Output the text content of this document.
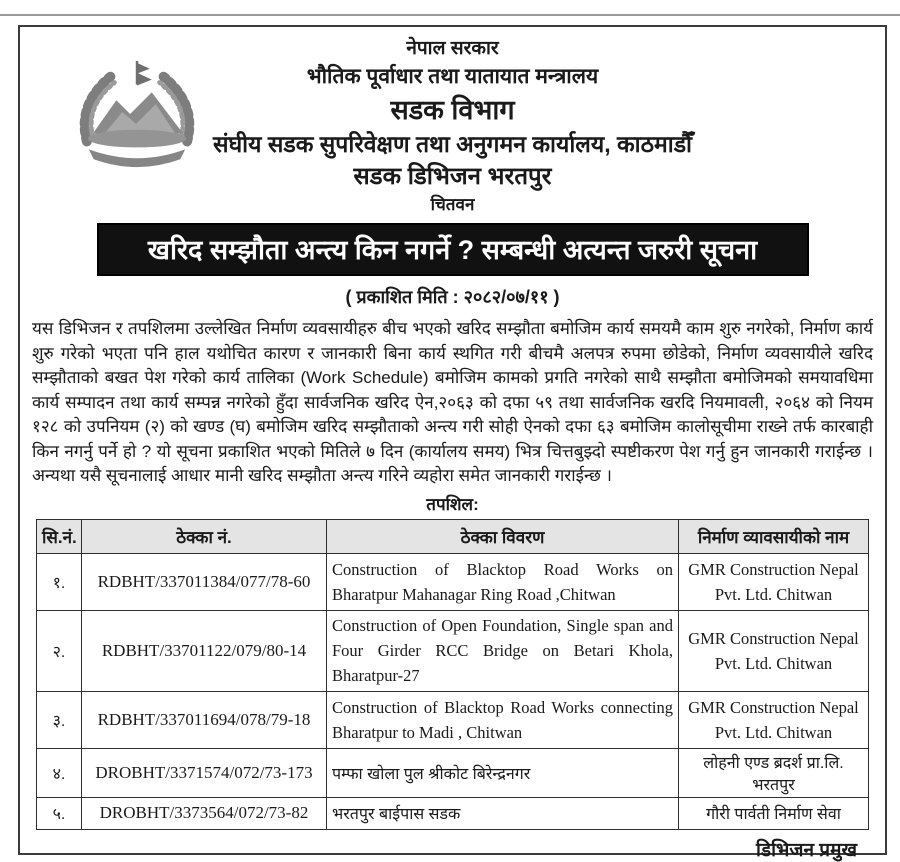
नेपाल सरकार
भौतिक पूर्वाधार तथा यातायात मन्त्रालय
सडक विभाग
संघीय सडक सुपरिवेक्षण तथा अनुगमन कार्यालय, काठमाडौँ
सडक डिभिजन भरतपुर
चितवन
खरिद सम्झौता अन्त्य किन नगर्ने ? सम्बन्धी अत्यन्त जरुरी सूचना
( प्रकाशित मिति : २०८२/०७/११ )
यस डिभिजन र तपशिलमा उल्लेखित निर्माण व्यवसायीहरु बीच भएको खरिद सम्झौता बमोजिम कार्य समयमै काम शुरु नगरेको, निर्माण कार्य शुरु गरेको भएता पनि हाल यथोचित कारण र जानकारी बिना कार्य स्थगित गरी बीचमै अलपत्र रुपमा छोडेको, निर्माण व्यवसायीले खरिद सम्झौताको बखत पेश गरेको कार्य तालिका (Work Schedule) बमोजिम कामको प्रगति नगरेको साथै सम्झौता बमोजिमको समयावधिमा कार्य सम्पादन तथा कार्य सम्पन्न नगरेको हुँदा सार्वजनिक खरिद ऐन,२०६३ को दफा ५९ तथा सार्वजनिक खरदि नियमावली, २०६४ को नियम १२८ को उपनियम (२) को खण्ड (घ) बमोजिम खरिद सम्झौताको अन्त्य गरी सोही ऐनको दफा ६३ बमोजिम कालोसूचीमा राख्ने तर्फ कारबाही किन नगर्नु पर्ने हो ? यो सूचना प्रकाशित भएको मितिले ७ दिन (कार्यालय समय) भित्र चित्तबुझ्दो स्पष्टीकरण पेश गर्नु हुन जानकारी गराईन्छ । अन्यथा यसै सूचनालाई आधार मानी खरिद सम्झौता अन्त्य गरिने व्यहोरा समेत जानकारी गराईन्छ ।
तपशिल:
सि.नं.	ठेक्का नं.	ठेक्का विवरण	निर्माण व्यावसायीको नाम
१.	RDBHT/337011384/077/78-60	Construction of Blacktop Road Works on Bharatpur Mahanagar Ring Road ,Chitwan	GMR Construction Nepal Pvt. Ltd. Chitwan
२.	RDBHT/33701122/079/80-14	Construction of Open Foundation, Single span and Four Girder RCC Bridge on Betari Khola, Bharatpur-27	GMR Construction Nepal Pvt. Ltd. Chitwan
३.	RDBHT/337011694/078/79-18	Construction of Blacktop Road Works connecting Bharatpur to Madi , Chitwan	GMR Construction Nepal Pvt. Ltd. Chitwan
४.	DROBHT/3371574/072/73-173	पम्फा खोला पुल श्रीकोट बिरेन्द्रनगर	लोहनी एण्ड ब्रदर्श प्रा.लि. भरतपुर
५.	DROBHT/3373564/072/73-82	भरतपुर बाईपास सडक	गौरी पार्वती निर्माण सेवा
डिभिजन प्रमुख
